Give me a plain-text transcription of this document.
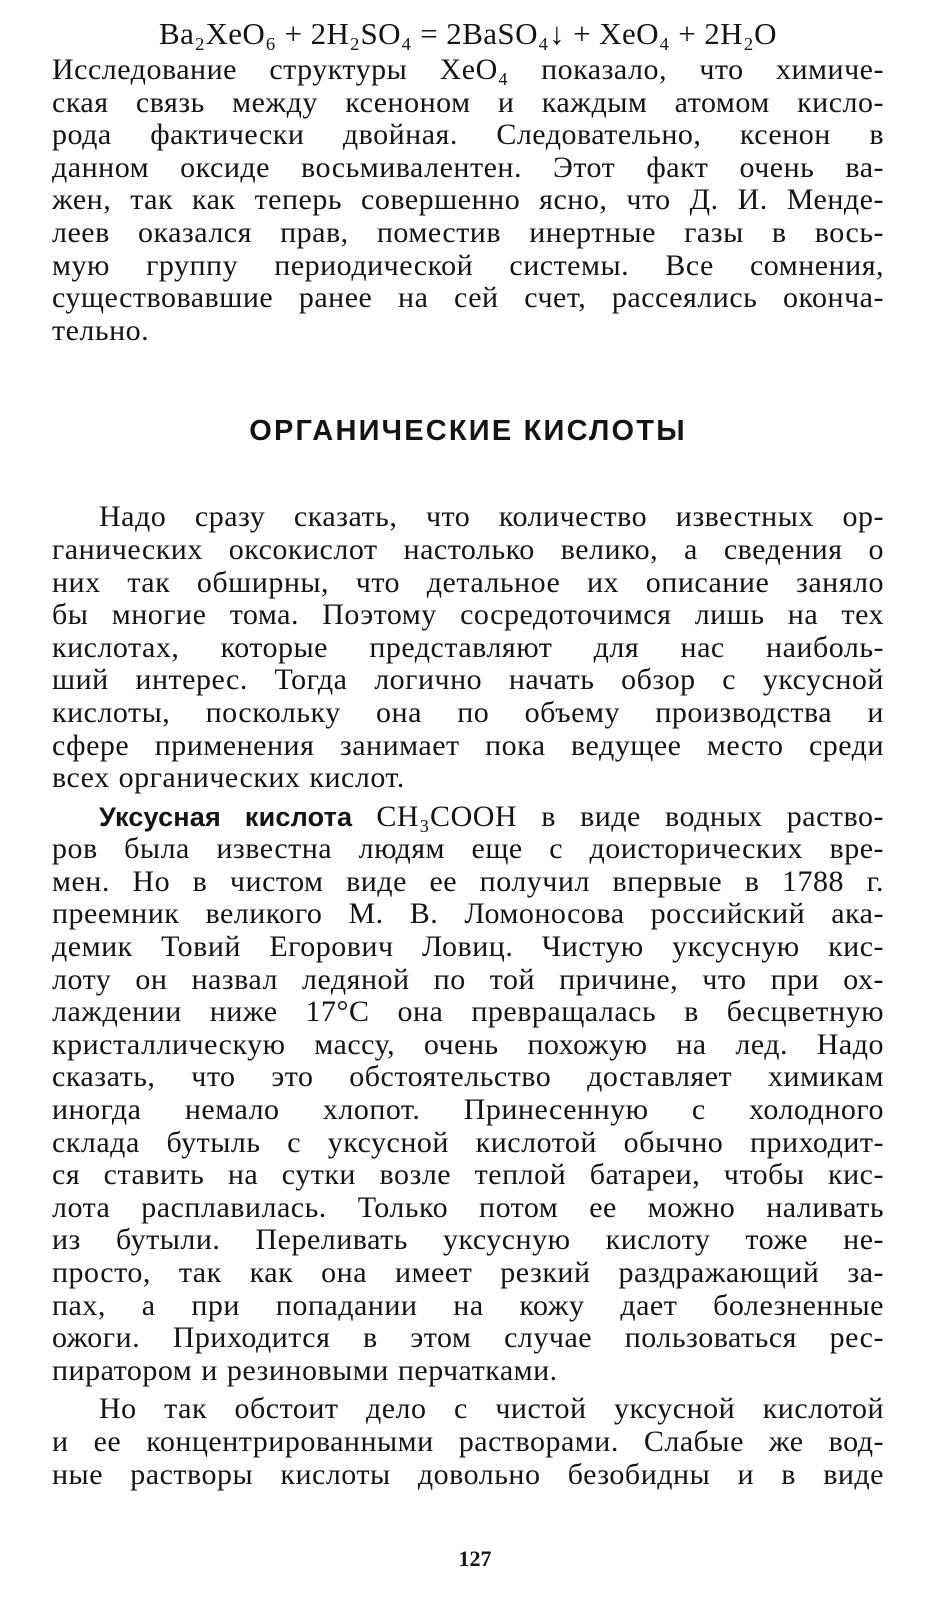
Ba₂XeO₆ + 2H₂SO₄ = 2BaSO₄↓ + XeO₄ + 2H₂O
Исследование структуры XeO₄ показало, что химиче-
ская связь между ксеноном и каждым атомом кисло-
рода фактически двойная. Следовательно, ксенон в
данном оксиде восьмивалентен. Этот факт очень ва-
жен, так как теперь совершенно ясно, что Д. И. Менде-
леев оказался прав, поместив инертные газы в вось-
мую группу периодической системы. Все сомнения,
существовавшие ранее на сей счет, рассеялись оконча-
тельно.
ОРГАНИЧЕСКИЕ КИСЛОТЫ
Надо сразу сказать, что количество известных ор-
ганических оксокислот настолько велико, а сведения о
них так обширны, что детальное их описание заняло
бы многие тома. Поэтому сосредоточимся лишь на тех
кислотах, которые представляют для нас наиболь-
ший интерес. Тогда логично начать обзор с уксусной
кислоты, поскольку она по объему производства и
сфере применения занимает пока ведущее место среди
всех органических кислот.
Уксусная кислота CH₃COOH в виде водных раство-
ров была известна людям еще с доисторических вре-
мен. Но в чистом виде ее получил впервые в 1788 г.
преемник великого М. В. Ломоносова российский ака-
демик Товий Егорович Ловиц. Чистую уксусную кис-
лоту он назвал ледяной по той причине, что при ох-
лаждении ниже 17°С она превращалась в бесцветную
кристаллическую массу, очень похожую на лед. Надо
сказать, что это обстоятельство доставляет химикам
иногда немало хлопот. Принесенную с холодного
склада бутыль с уксусной кислотой обычно приходит-
ся ставить на сутки возле теплой батареи, чтобы кис-
лота расплавилась. Только потом ее можно наливать
из бутыли. Переливать уксусную кислоту тоже не-
просто, так как она имеет резкий раздражающий за-
пах, а при попадании на кожу дает болезненные
ожоги. Приходится в этом случае пользоваться рес-
пиратором и резиновыми перчатками.
Но так обстоит дело с чистой уксусной кислотой
и ее концентрированными растворами. Слабые же вод-
ные растворы кислоты довольно безобидны и в виде
127
